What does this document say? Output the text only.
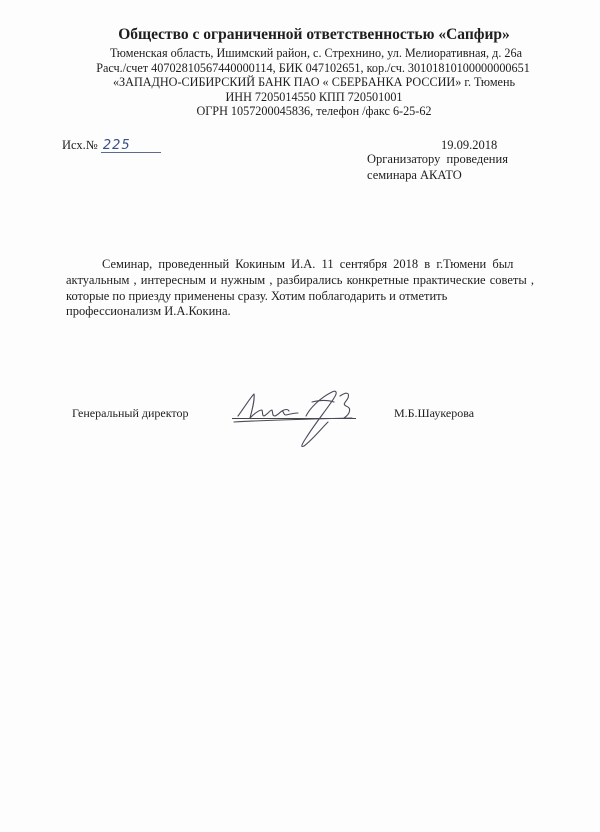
Общество с ограниченной ответственностью «Сапфир»
Тюменская область, Ишимский район, с. Стрехнино, ул. Мелиоративная, д. 26а
Расч./счет 40702810567440000114, БИК 047102651, кор./сч. 30101810100000000651
«ЗАПАДНО-СИБИРСКИЙ БАНК ПАО « СБЕРБАНКА РОССИИ» г. Тюмень
ИНН 7205014550 КПП 720501001
ОГРН 1057200045836, телефон /факс 6-25-62
Исх.№ 225	19.09.2018
Организатору проведения
семинара АКАТО
Семинар, проведенный Кокиным И.А. 11 сентября 2018 в г.Тюмени был
актуальным , интересным и нужным , разбирались конкретные практические советы ,
которые по приезду применены сразу. Хотим поблагодарить и отметить
профессионализм И.А.Кокина.
Генеральный директор	М.Б.Шаукерова
